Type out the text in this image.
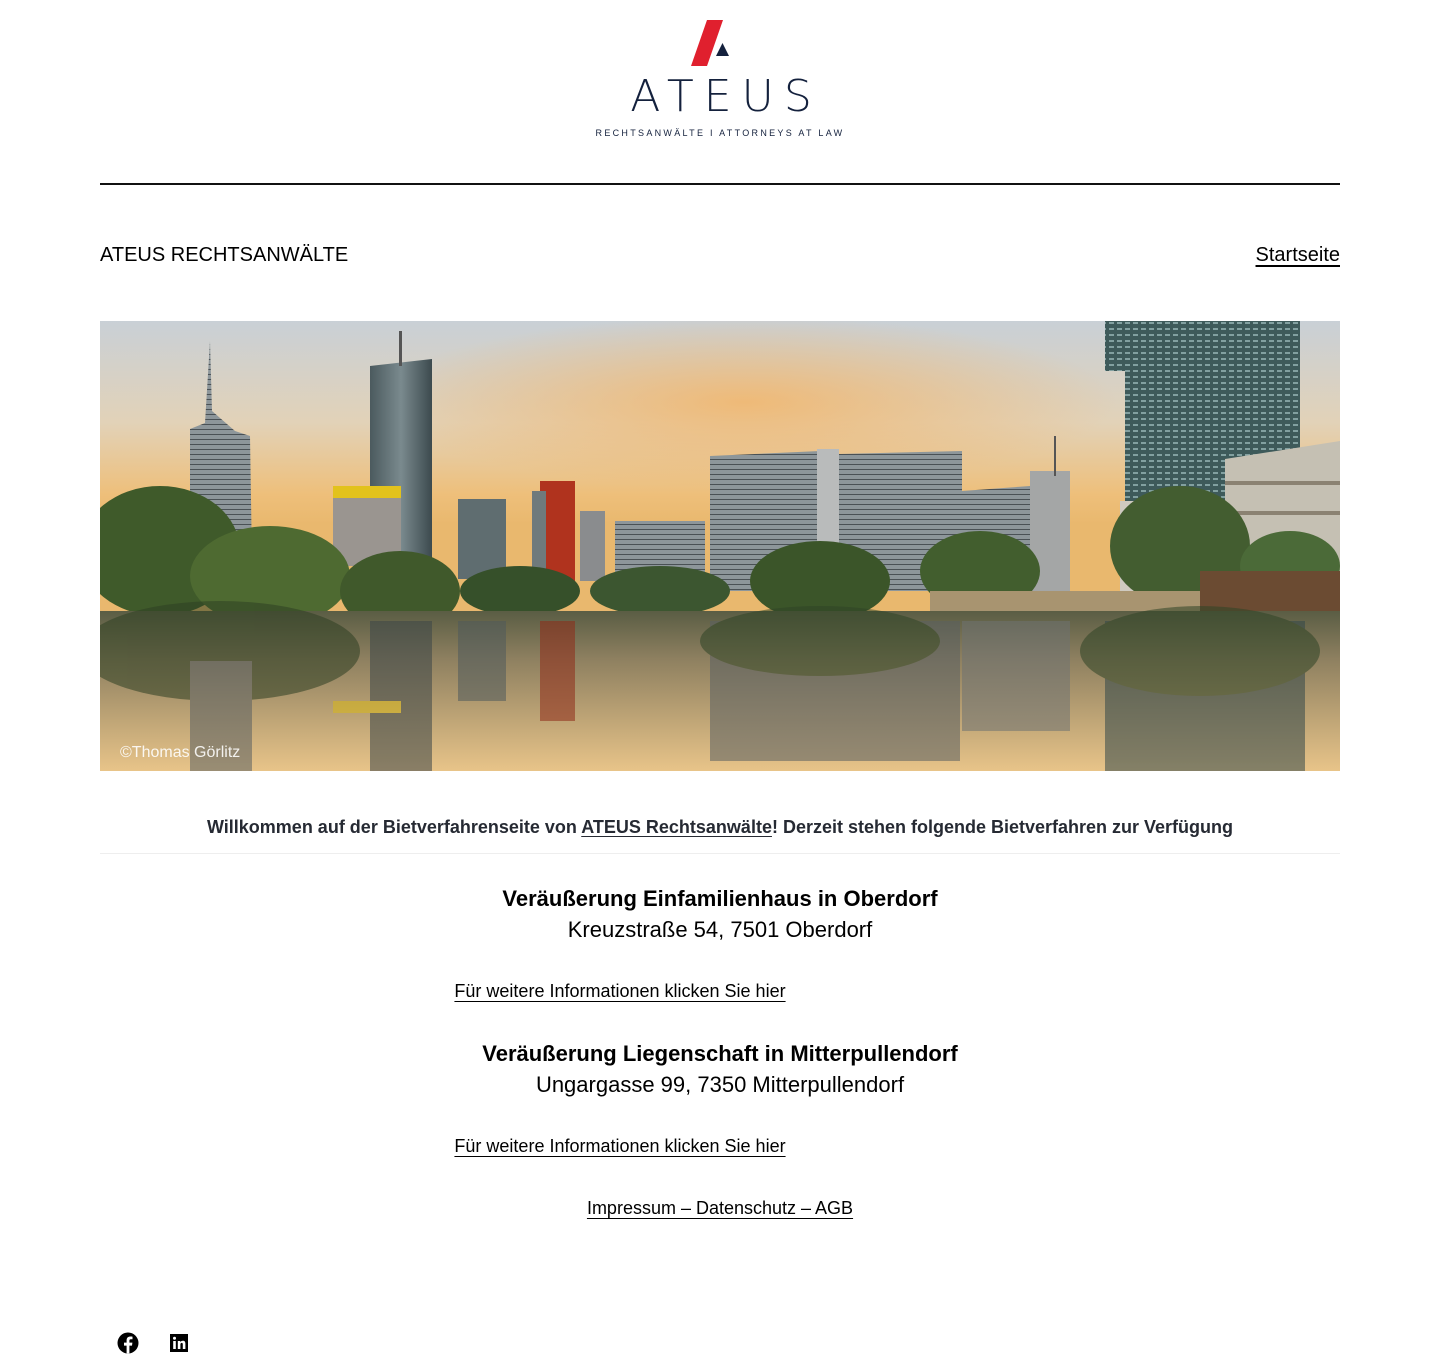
ATEUS
RECHTSANWÄLTE I ATTORNEYS AT LAW
ATEUS RECHTSANWÄLTE	Startseite
©Thomas Görlitz
Willkommen auf der Bietverfahrenseite von ATEUS Rechtsanwälte! Derzeit stehen folgende Bietverfahren zur Verfügung
Veräußerung Einfamilienhaus in Oberdorf
Kreuzstraße 54, 7501 Oberdorf
Für weitere Informationen klicken Sie hier
Veräußerung Liegenschaft in Mitterpullendorf
Ungargasse 99, 7350 Mitterpullendorf
Für weitere Informationen klicken Sie hier
Impressum – Datenschutz – AGB
